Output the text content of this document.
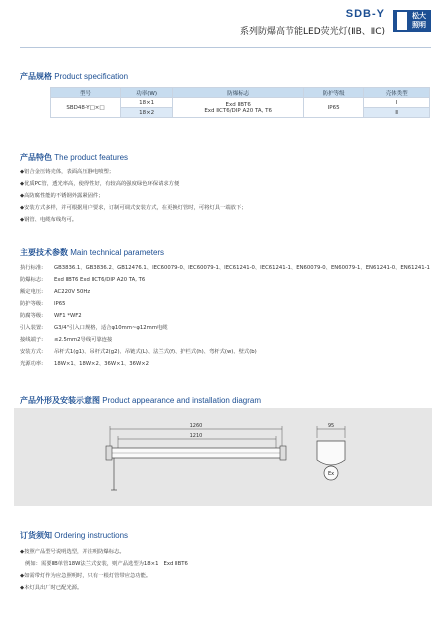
SDB-Y
系列防爆高节能LED荧光灯(ⅡB、ⅡC)
松大
照明
产品规格 Product specification
型号	功率(W)	防爆标志	防护等级	壳体类型
SBD48-Y□×□	18×1	Exd ⅡBT6
Exd ⅡCT6/DIP A20 TA, T6	IP65	Ⅰ
	18×2			Ⅱ
产品特色 The product features
◆铝合金压铸壳体，表面高压静电喷塑；
◆优质PC管，透光率高，使得性好，有较高的强度绿色环保请求方便
◆高防腐性能的不锈钢外露紧固件；
◆安装方式多样，并可根据用户要求，订制可调式安装方式，在更换灯管时，可将灯具一端放下；
◆钢管、电缆布线均可。
主要技术参数 Main technical parameters
执行标准:	GB3836.1、GB3836.2、GB12476.1、IEC60079-0、IEC60079-1、IEC61241-0、IEC61241-1、EN60079-0、EN60079-1、EN61241-0、EN61241-1
防爆标志:	Exd ⅡBT6 Exd ⅡCT6/DIP A20 TA, T6
额定电压:	AC220V 50Hz
防护等级:	IP65
防腐等级:	WF1 *WF2
引入装置:	G3/4"引入口规格，适合φ10mm~φ12mm电缆
接线端子:	≤2.5mm2导线可靠连接
安装方式:	吊杆式1(g1)、吊杆式2(g2)、吊链式(L)、法兰式(f)、护栏式(h)、弯杆式(w)、壁式(b)
光源功率:	18W×1、18W×2、36W×1、36W×2
产品外形及安装示意图 Product appearance and installation diagram
1260
1210
95
Ex
订货须知 Ordering instructions
◆按照产品型号说明选型，并注明防爆标志。
例如：需要ⅡB单管18W法兰式安装，则产品选型为18×1   Exd ⅡBT6
◆如需带灯作为应急照明时，只有一根灯管带应急功能。
◆本灯具出厂时已配光源。
